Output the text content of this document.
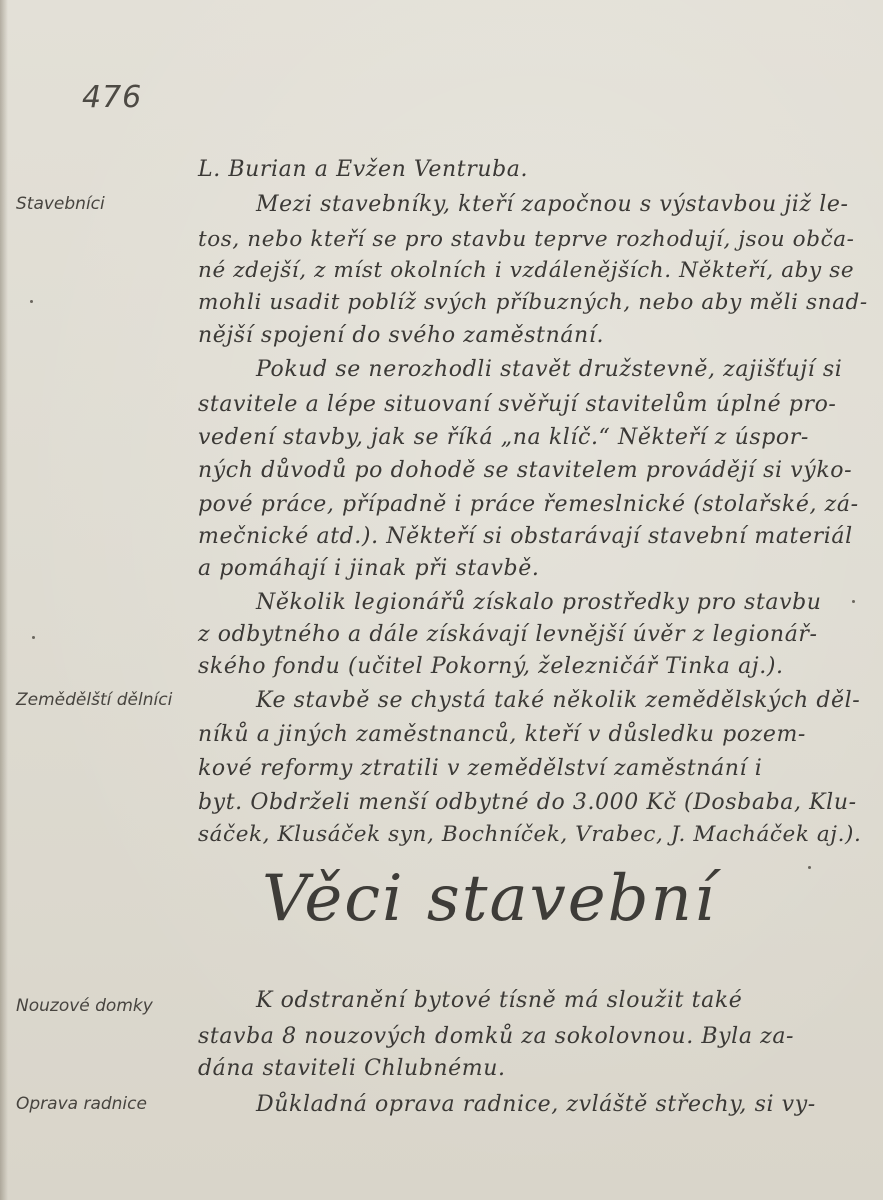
476
Stavebníci
Zemědělští dělníci
Nouzové domky
Oprava radnice
L. Burian a Evžen Ventruba.
Mezi stavebníky, kteří započnou s výstavbou již le-
tos, nebo kteří se pro stavbu teprve rozhodují, jsou obča-
né zdejší, z míst okolních i vzdálenějších. Někteří, aby se
mohli usadit poblíž svých příbuzných, nebo aby měli snad-
nější spojení do svého zaměstnání.
Pokud se nerozhodli stavět družstevně, zajišťují si
stavitele a lépe situovaní svěřují stavitelům úplné pro-
vedení stavby, jak se říká „na klíč.“ Někteří z úspor-
ných důvodů po dohodě se stavitelem provádějí si výko-
pové práce, případně i práce řemeslnické (stolařské, zá-
mečnické atd.). Někteří si obstarávají stavební materiál
a pomáhají i jinak při stavbě.
Několik legionářů získalo prostředky pro stavbu
z odbytného a dále získávají levnější úvěr z legionář-
ského fondu (učitel Pokorný, železničář Tinka aj.).
Ke stavbě se chystá také několik zemědělských děl-
níků a jiných zaměstnanců, kteří v důsledku pozem-
kové reformy ztratili v zemědělství zaměstnání i
byt. Obdrželi menší odbytné do 3.000 Kč (Dosbaba, Klu-
sáček, Klusáček syn, Bochníček, Vrabec, J. Macháček aj.).
Věci stavební
K odstranění bytové tísně má sloužit také
stavba 8 nouzových domků za sokolovnou. Byla za-
dána staviteli Chlubnému.
Důkladná oprava radnice, zvláště střechy, si vy-
